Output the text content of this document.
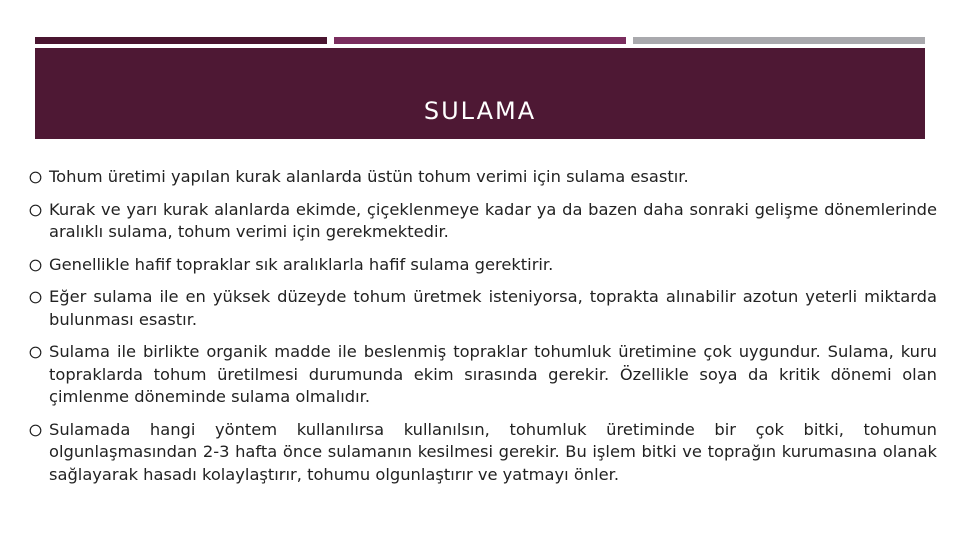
SULAMA
Tohum üretimi yapılan kurak alanlarda üstün tohum verimi için sulama esastır.
Kurak ve yarı kurak alanlarda ekimde, çiçeklenmeye kadar ya da bazen daha sonraki gelişme dönemlerinde aralıklı sulama, tohum verimi için gerekmektedir.
Genellikle hafif topraklar sık aralıklarla hafif sulama gerektirir.
Eğer sulama ile en yüksek düzeyde tohum üretmek isteniyorsa, toprakta alınabilir azotun yeterli miktarda bulunması esastır.
Sulama ile birlikte organik madde ile beslenmiş topraklar tohumluk üretimine çok uygundur. Sulama, kuru topraklarda tohum üretilmesi durumunda ekim sırasında gerekir. Özellikle soya da kritik dönemi olan çimlenme döneminde sulama olmalıdır.
Sulamada hangi yöntem kullanılırsa kullanılsın, tohumluk üretiminde bir çok bitki, tohumun olgunlaşmasından 2-3 hafta önce sulamanın kesilmesi gerekir. Bu işlem bitki ve toprağın kurumasına olanak sağlayarak hasadı kolaylaştırır, tohumu olgunlaştırır ve yatmayı önler.
